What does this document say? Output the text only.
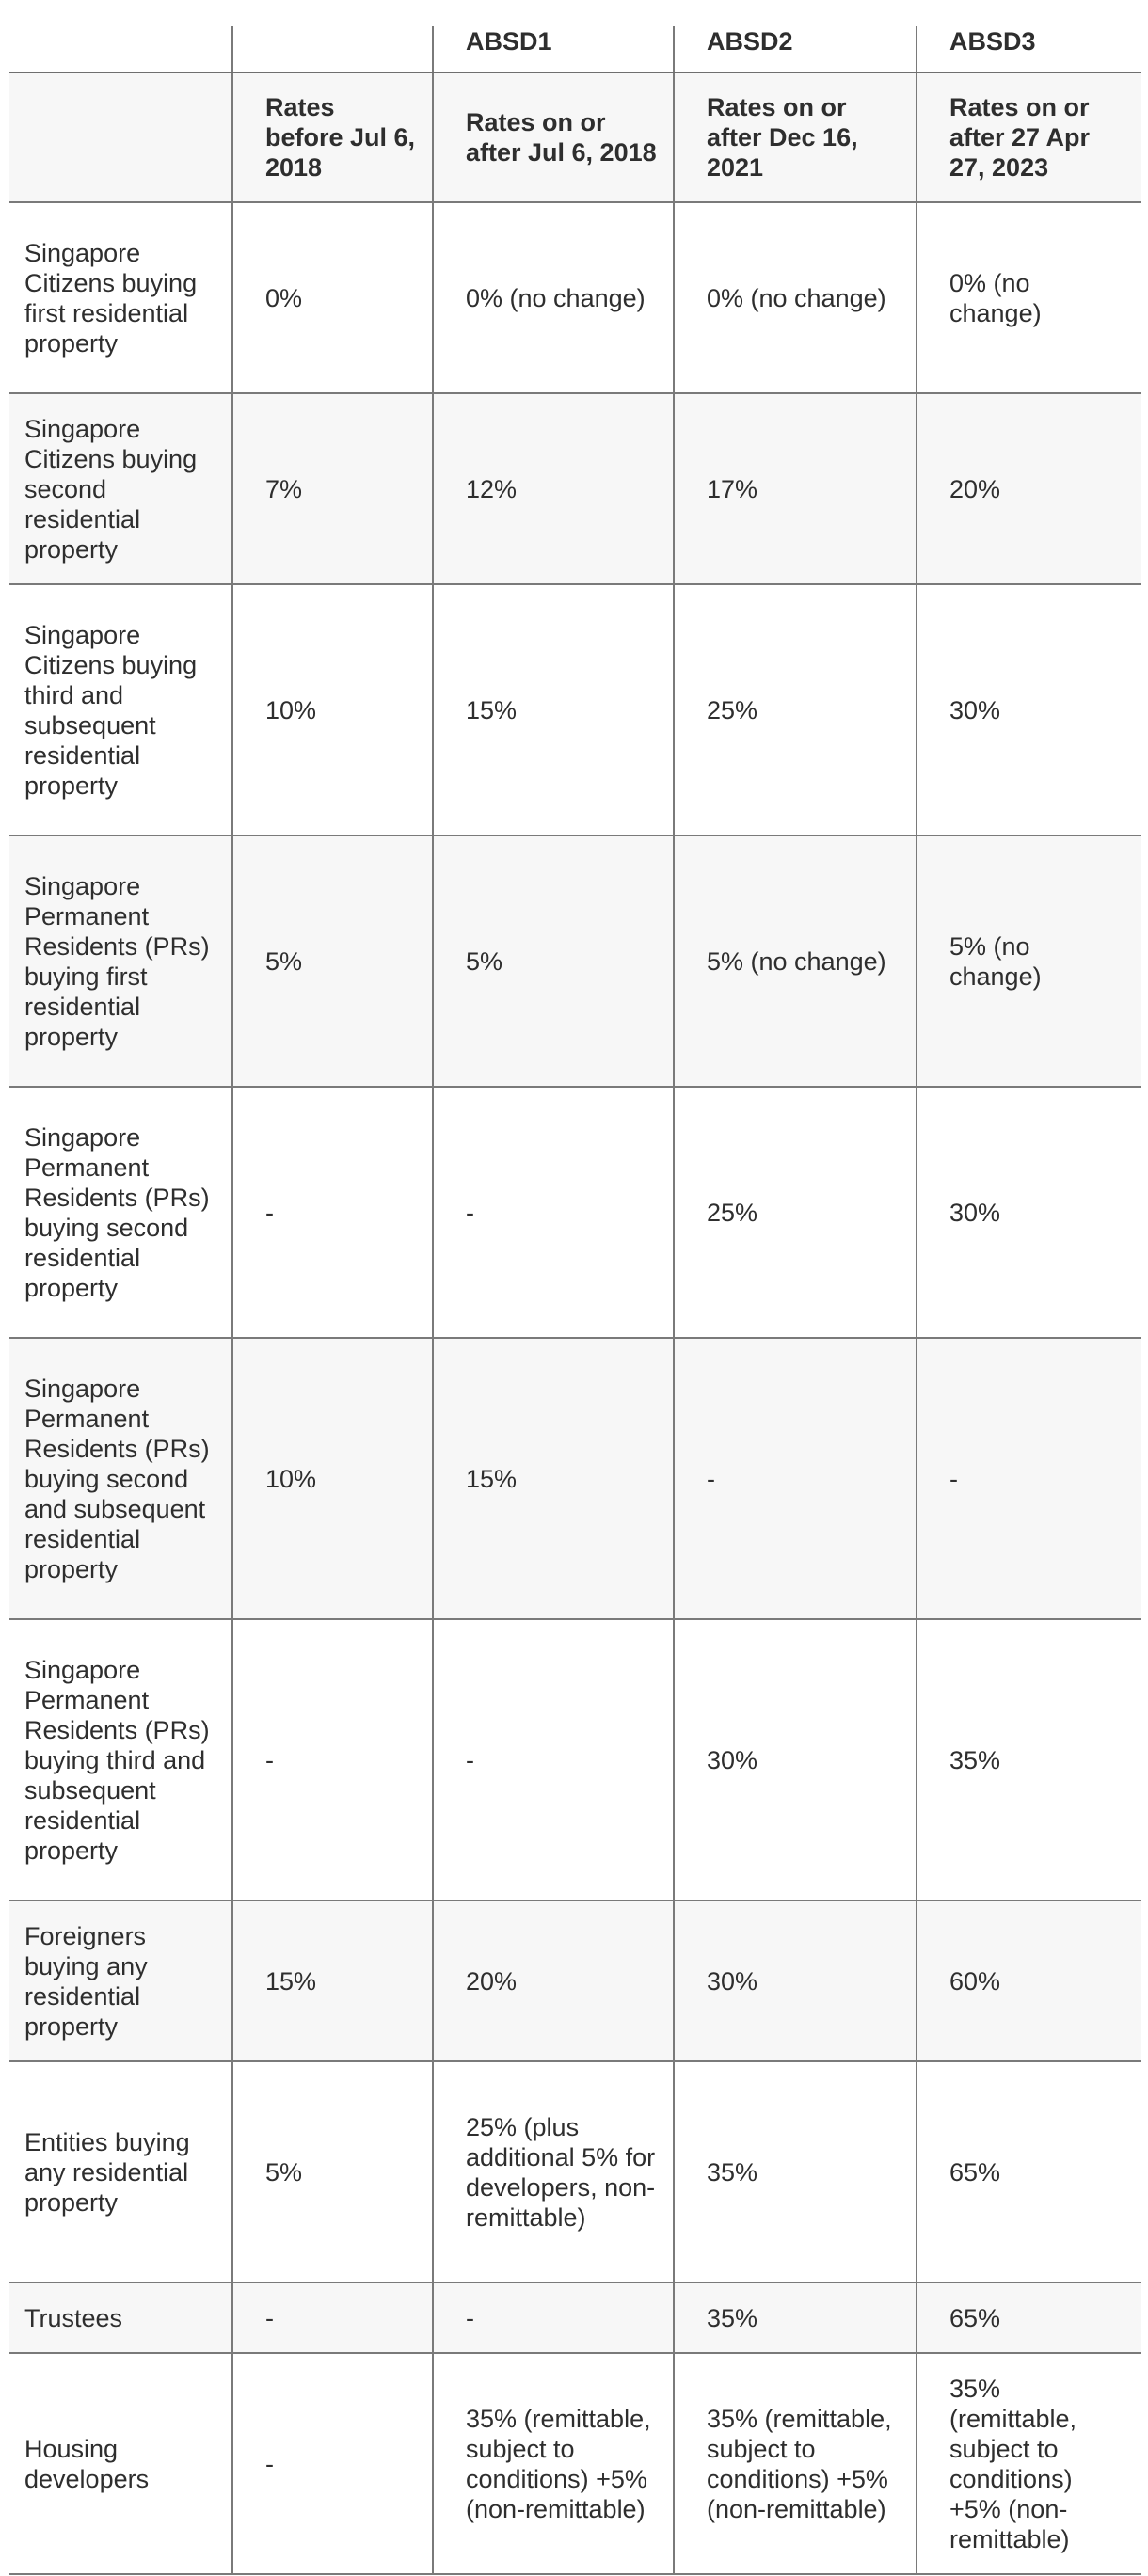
		ABSD1	ABSD2	ABSD3
	Rates before Jul 6, 2018	Rates on or after Jul 6, 2018	Rates on or after Dec 16, 2021	Rates on or after 27 Apr 27, 2023
Singapore Citizens buying first residential property	0%	0% (no change)	0% (no change)	0% (no change)
Singapore Citizens buying second residential property	7%	12%	17%	20%
Singapore Citizens buying third and subsequent residential property	10%	15%	25%	30%
Singapore Permanent Residents (PRs) buying first residential property	5%	5%	5% (no change)	5% (no change)
Singapore Permanent Residents (PRs) buying second residential property	-	-	25%	30%
Singapore Permanent Residents (PRs) buying second and subsequent residential property	10%	15%	-	-
Singapore Permanent Residents (PRs) buying third and subsequent residential property	-	-	30%	35%
Foreigners buying any residential property	15%	20%	30%	60%
Entities buying any residential property	5%	25% (plus additional 5% for developers, non-remittable)	35%	65%
Trustees	-	-	35%	65%
Housing developers	-	35% (remittable, subject to conditions) +5% (non-remittable)	35% (remittable, subject to conditions) +5% (non-remittable)	35% (remittable, subject to conditions) +5% (non-remittable)
